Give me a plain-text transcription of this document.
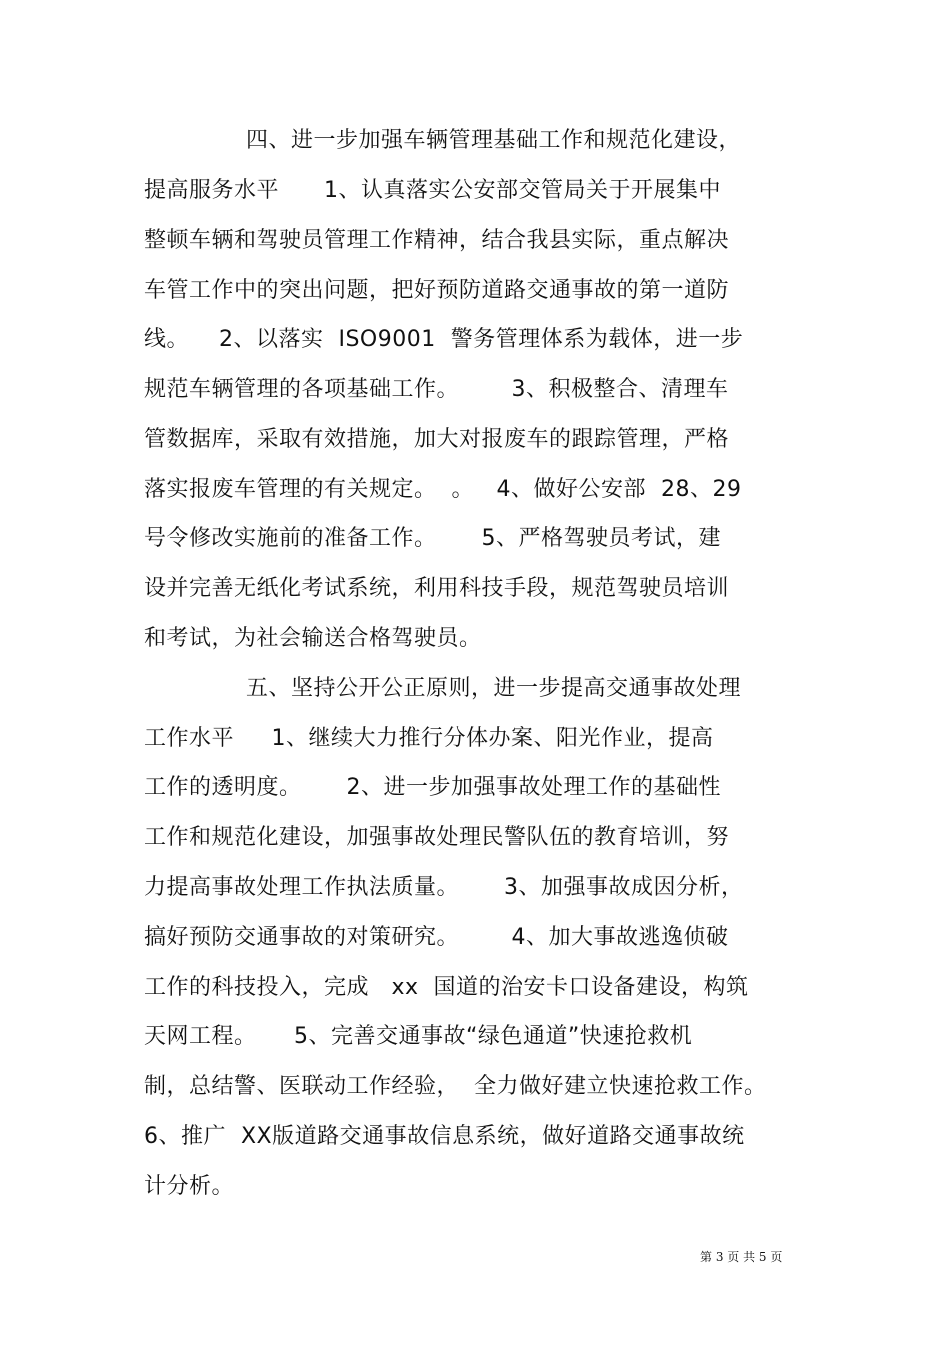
四、进一步加强车辆管理基础工作和规范化建设，
提高服务水平      1、认真落实公安部交管局关于开展集中
整顿车辆和驾驶员管理工作精神，结合我县实际，重点解决
车管工作中的突出问题，把好预防道路交通事故的第一道防
线。    2、以落实  ISO9001  警务管理体系为载体，进一步
规范车辆管理的各项基础工作。       3、积极整合、清理车
管数据库，采取有效措施，加大对报废车的跟踪管理，严格
落实报废车管理的有关规定。  。   4、做好公安部  28、29
号令修改实施前的准备工作。      5、严格驾驶员考试，建
设并完善无纸化考试系统，利用科技手段，规范驾驶员培训
和考试，为社会输送合格驾驶员。
五、坚持公开公正原则，进一步提高交通事故处理
工作水平     1、继续大力推行分体办案、阳光作业，提高
工作的透明度。      2、进一步加强事故处理工作的基础性
工作和规范化建设，加强事故处理民警队伍的教育培训，努
力提高事故处理工作执法质量。      3、加强事故成因分析，
搞好预防交通事故的对策研究。       4、加大事故逃逸侦破
工作的科技投入，完成   xx  国道的治安卡口设备建设，构筑
天网工程。     5、完善交通事故“绿色通道”快速抢救机
制，总结警、医联动工作经验，  全力做好建立快速抢救工作。
6、推广  XX版道路交通事故信息系统，做好道路交通事故统
计分析。
第 3 页 共 5 页
